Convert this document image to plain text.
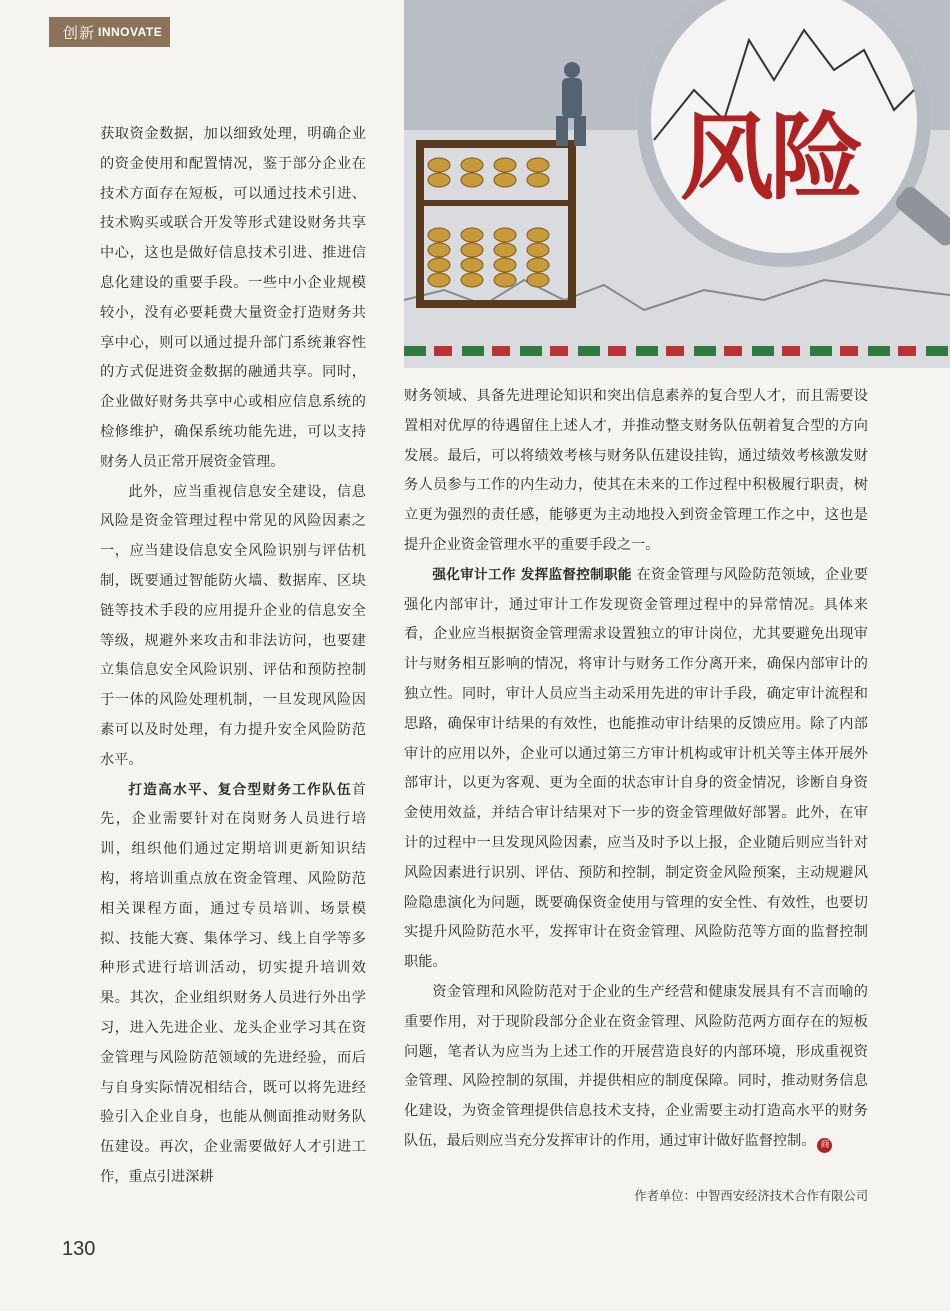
创新 INNOVATE
风险

获取资金数据，加以细致处理，明确企业的资金使用和配置情况，鉴于部分企业在技术方面存在短板，可以通过技术引进、技术购买或联合开发等形式建设财务共享中心，这也是做好信息技术引进、推进信息化建设的重要手段。一些中小企业规模较小，没有必要耗费大量资金打造财务共享中心，则可以通过提升部门系统兼容性的方式促进资金数据的融通共享。同时，企业做好财务共享中心或相应信息系统的检修维护，确保系统功能先进，可以支持财务人员正常开展资金管理。

此外，应当重视信息安全建设，信息风险是资金管理过程中常见的风险因素之一，应当建设信息安全风险识别与评估机制，既要通过智能防火墙、数据库、区块链等技术手段的应用提升企业的信息安全等级，规避外来攻击和非法访问，也要建立集信息安全风险识别、评估和预防控制于一体的风险处理机制，一旦发现风险因素可以及时处理，有力提升安全风险防范水平。

打造高水平、复合型财务工作队伍首先，企业需要针对在岗财务人员进行培训，组织他们通过定期培训更新知识结构，将培训重点放在资金管理、风险防范相关课程方面，通过专员培训、场景模拟、技能大赛、集体学习、线上自学等多种形式进行培训活动，切实提升培训效果。其次，企业组织财务人员进行外出学习，进入先进企业、龙头企业学习其在资金管理与风险防范领域的先进经验，而后与自身实际情况相结合，既可以将先进经验引入企业自身，也能从侧面推动财务队伍建设。再次，企业需要做好人才引进工作，重点引进深耕

财务领域、具备先进理论知识和突出信息素养的复合型人才，而且需要设置相对优厚的待遇留住上述人才，并推动整支财务队伍朝着复合型的方向发展。最后，可以将绩效考核与财务队伍建设挂钩，通过绩效考核激发财务人员参与工作的内生动力，使其在未来的工作过程中积极履行职责，树立更为强烈的责任感，能够更为主动地投入到资金管理工作之中，这也是提升企业资金管理水平的重要手段之一。

强化审计工作 发挥监督控制职能 在资金管理与风险防范领域，企业要强化内部审计，通过审计工作发现资金管理过程中的异常情况。具体来看，企业应当根据资金管理需求设置独立的审计岗位，尤其要避免出现审计与财务相互影响的情况，将审计与财务工作分离开来，确保内部审计的独立性。同时，审计人员应当主动采用先进的审计手段，确定审计流程和思路，确保审计结果的有效性，也能推动审计结果的反馈应用。除了内部审计的应用以外，企业可以通过第三方审计机构或审计机关等主体开展外部审计，以更为客观、更为全面的状态审计自身的资金情况，诊断自身资金使用效益，并结合审计结果对下一步的资金管理做好部署。此外，在审计的过程中一旦发现风险因素，应当及时予以上报，企业随后则应当针对风险因素进行识别、评估、预防和控制，制定资金风险预案，主动规避风险隐患演化为问题，既要确保资金使用与管理的安全性、有效性，也要切实提升风险防范水平，发挥审计在资金管理、风险防范等方面的监督控制职能。

资金管理和风险防范对于企业的生产经营和健康发展具有不言而喻的重要作用，对于现阶段部分企业在资金管理、风险防范两方面存在的短板问题，笔者认为应当为上述工作的开展营造良好的内部环境，形成重视资金管理、风险控制的氛围，并提供相应的制度保障。同时，推动财务信息化建设，为资金管理提供信息技术支持，企业需要主动打造高水平的财务队伍，最后则应当充分发挥审计的作用，通过审计做好监督控制。 商

作者单位：中智西安经济技术合作有限公司
130
